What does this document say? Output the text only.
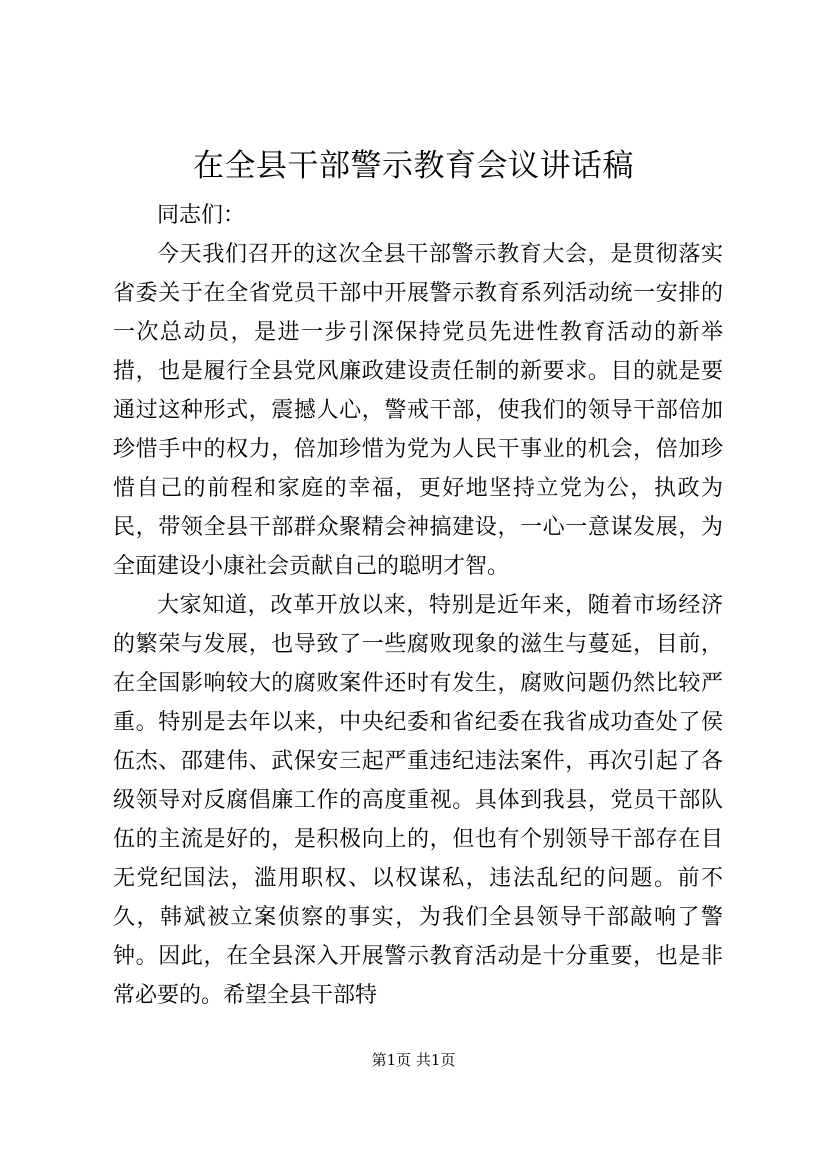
在全县干部警示教育会议讲话稿

同志们：

今天我们召开的这次全县干部警示教育大会，是贯彻落实省委关于在全省党员干部中开展警示教育系列活动统一安排的一次总动员，是进一步引深保持党员先进性教育活动的新举措，也是履行全县党风廉政建设责任制的新要求。目的就是要通过这种形式，震撼人心，警戒干部，使我们的领导干部倍加珍惜手中的权力，倍加珍惜为党为人民干事业的机会，倍加珍惜自己的前程和家庭的幸福，更好地坚持立党为公，执政为民，带领全县干部群众聚精会神搞建设，一心一意谋发展，为全面建设小康社会贡献自己的聪明才智。

大家知道，改革开放以来，特别是近年来，随着市场经济的繁荣与发展，也导致了一些腐败现象的滋生与蔓延，目前，在全国影响较大的腐败案件还时有发生，腐败问题仍然比较严重。特别是去年以来，中央纪委和省纪委在我省成功查处了侯伍杰、邵建伟、武保安三起严重违纪违法案件，再次引起了各级领导对反腐倡廉工作的高度重视。具体到我县，党员干部队伍的主流是好的，是积极向上的，但也有个别领导干部存在目无党纪国法，滥用职权、以权谋私，违法乱纪的问题。前不久，韩斌被立案侦察的事实，为我们全县领导干部敲响了警钟。因此，在全县深入开展警示教育活动是十分重要，也是非常必要的。希望全县干部特

第1页 共1页
